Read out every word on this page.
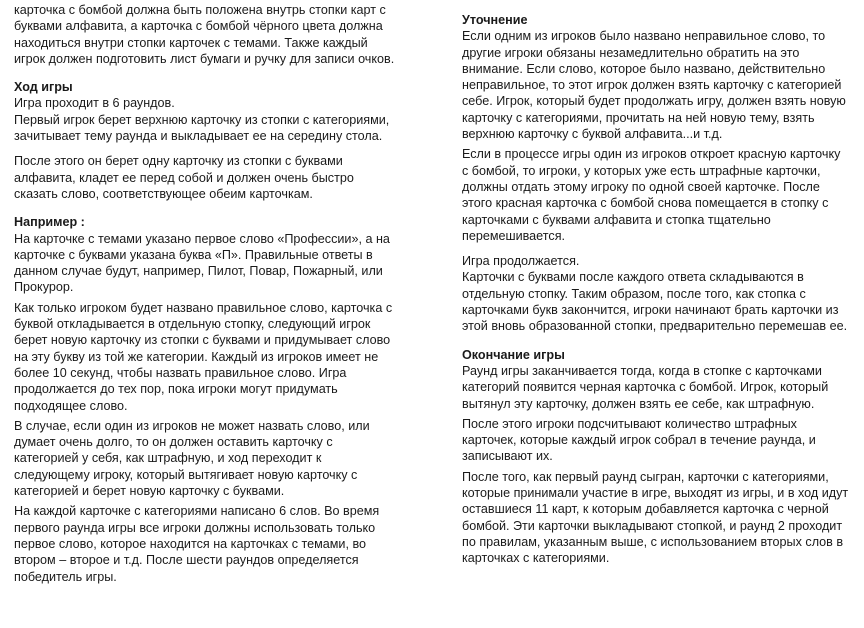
карточка с бомбой должна быть положена внутрь стопки карт с буквами алфавита, а карточка с бомбой чёрного цвета должна находиться внутри стопки карточек с темами. Также каждый игрок должен подготовить лист бумаги и ручку для записи очков.

Ход игры

Игра проходит в 6 раундов.

Первый игрок берет верхнюю карточку из стопки с категориями, зачитывает тему раунда и выкладывает ее на середину стола.

После этого он берет одну карточку из стопки с буквами алфавита, кладет ее перед собой и должен очень быстро сказать слово, соответствующее обеим карточкам.

Например :

На карточке с темами указано первое слово «Профессии», а на карточке с буквами указана буква «П». Правильные ответы в данном случае будут, например, Пилот, Повар, Пожарный, или Прокурор.

Как только игроком будет названо правильное слово, карточка с буквой откладывается в отдельную стопку, следующий игрок берет новую карточку из стопки с буквами и придумывает слово на эту букву из той же категории. Каждый из игроков имеет не более 10 секунд, чтобы назвать правильное слово. Игра продолжается до тех пор, пока игроки могут придумать подходящее слово.

В случае, если один из игроков не может назвать слово, или думает очень долго, то он должен оставить карточку с категорией у себя, как штрафную, и ход переходит к следующему игроку, который вытягивает новую карточку с категорией и берет новую карточку с буквами.

На каждой карточке с категориями написано 6 слов. Во время первого раунда игры все игроки должны использовать только первое слово, которое находится на карточках с темами, во втором – второе и т.д. После шести раундов определяется победитель игры.

Уточнение

Если одним из игроков было названо неправильное слово, то другие игроки обязаны незамедлительно обратить на это внимание. Если слово, которое было названо, действительно неправильное, то этот игрок должен взять карточку с категорией себе. Игрок, который будет продолжать игру, должен взять новую карточку с категориями, прочитать на ней новую тему, взять верхнюю карточку с буквой алфавита...и т.д.

Если в процессе игры один из игроков откроет красную карточку с бомбой, то игроки, у которых уже есть штрафные карточки, должны отдать этому игроку по одной своей карточке. После этого красная карточка с бомбой снова помещается в стопку с карточками с буквами алфавита и стопка тщательно перемешивается.

Игра продолжается.

Карточки с буквами после каждого ответа складываются в отдельную стопку. Таким образом, после того, как стопка с карточками букв закончится, игроки начинают брать карточки из этой вновь образованной стопки, предварительно перемешав ее.

Окончание игры

Раунд игры заканчивается тогда, когда в стопке с карточками категорий появится черная карточка с бомбой. Игрок, который вытянул эту карточку, должен взять ее себе, как штрафную.

После этого игроки подсчитывают количество штрафных карточек, которые каждый игрок собрал в течение раунда, и записывают их.

После того, как первый раунд сыгран, карточки с категориями, которые принимали участие в игре, выходят из игры, и в ход идут оставшиеся 11 карт, к которым добавляется карточка с черной бомбой. Эти карточки выкладывают стопкой, и раунд 2 проходит по правилам, указанным выше, с использованием вторых слов в карточках с категориями.
